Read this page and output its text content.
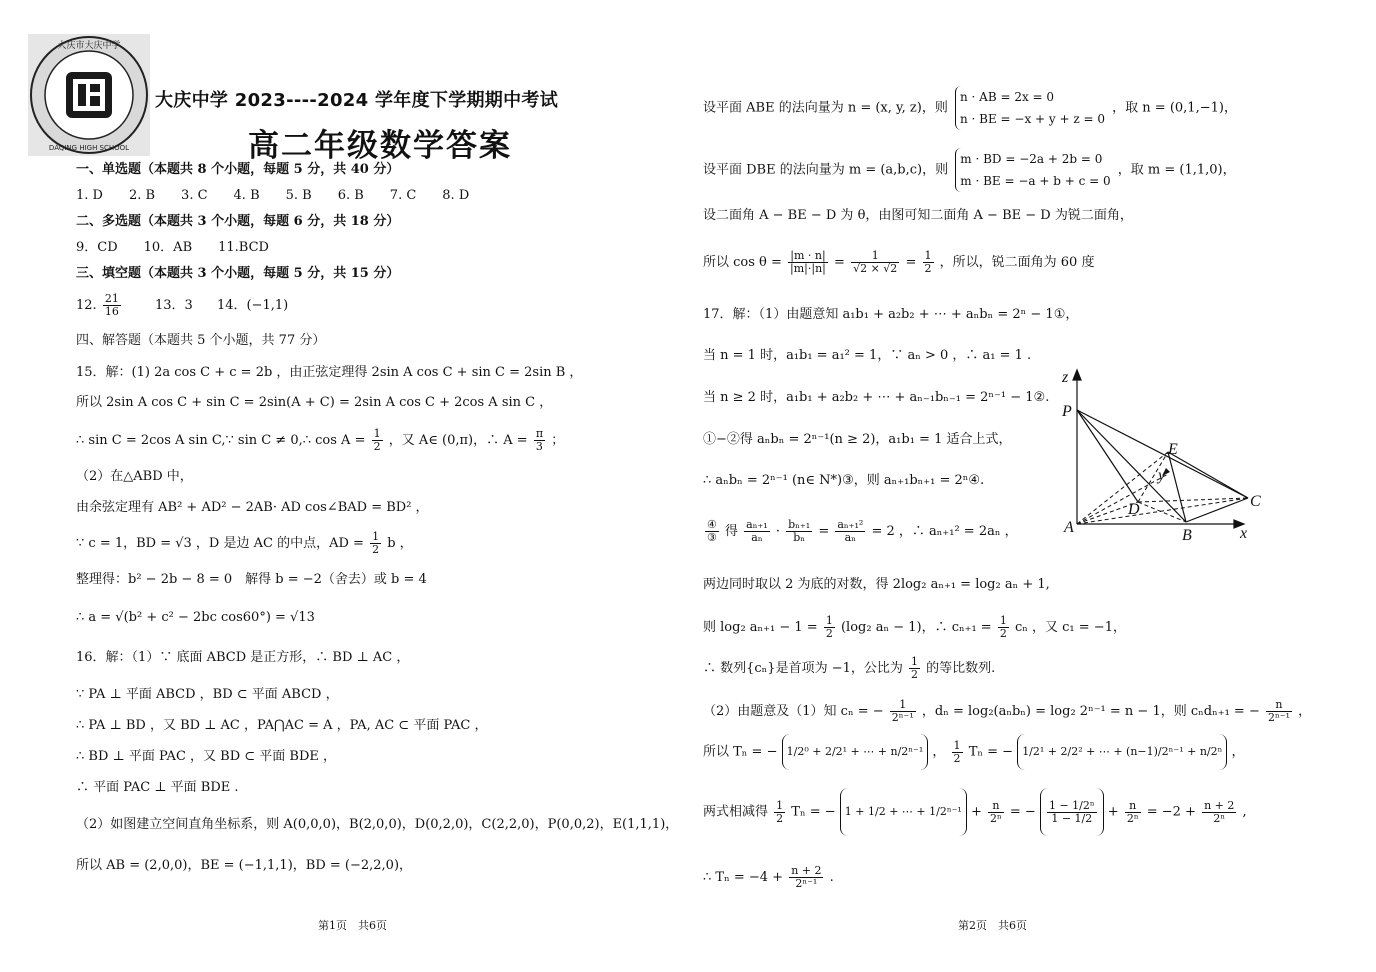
大庆市大庆中学
DAQING HIGH SCHOOL
大庆中学 2023----2024 学年度下学期期中考试
高二年级数学答案
一、单选题（本题共 8 个小题，每题 5 分，共 40 分）
1. D　　2. B　　3. C　　4. B　　5. B　　6. B　　7. C　　8. D
二、多选题（本题共 3 个小题，每题 6 分，共 18 分）
9．CD　　10．AB　　11.BCD
三、填空题（本题共 3 个小题，每题 5 分，共 15 分）
12. $\frac{21}{16}$	13．3 14．(−1,1)
四、解答题（本题共 5 个小题，共 77 分）
15．解：(1) 2a cos C + c = 2b ，由正弦定理得 2sin A cos C + sin C = 2sin B ，
所以 2sin A cos C + sin C = 2sin(A + C) = 2sin A cos C + 2cos A sin C ，
∴ sin C = 2cos A sin C,∵ sin C ≠ 0,∴ $\cos A = \frac{1}{2}$ ，又 A∈ (0,π)，∴ $A = \frac{\pi}{3}$ ；
（2）在△ABD 中，
由余弦定理有 AB² + AD² − 2AB· AD cos∠BAD = BD² ，
∵ c = 1，BD = √3 ，D 是边 AC 的中点，AD = $\frac{1}{2}$ b ，
整理得：b² − 2b − 8 = 0　解得 b = −2（舍去）或 b = 4
∴ a = √(b² + c² − 2bc cos60°) = √13
16．解：（1）∵ 底面 ABCD 是正方形，∴ BD ⊥ AC ，
∵ PA ⊥ 平面 ABCD ，BD ⊂ 平面 ABCD ，
∴ PA ⊥ BD ，又 BD ⊥ AC ，PA⋂AC = A ，PA, AC ⊂ 平面 PAC ，
∴ BD ⊥ 平面 PAC ，又 BD ⊂ 平面 BDE ，
∴ 平面 PAC ⊥ 平面 BDE .
（2）如图建立空间直角坐标系，则 A(0,0,0)，B(2,0,0)，D(0,2,0)，C(2,2,0)，P(0,0,2)，E(1,1,1)，
所以 AB = (2,0,0)，BE = (−1,1,1)，BD = (−2,2,0)，
第1页　共6页
设平面 ABE 的法向量为 n = (x, y, z)，则
n · AB = 2x = 0
n · BE = −x + y + z = 0
，取 n = (0,1,−1)，
设平面 DBE 的法向量为 m = (a,b,c)，则
m · BD = −2a + 2b = 0
m · BE = −a + b + c = 0
，取 m = (1,1,0)，
设二面角 A − BE − D 为 θ，由图可知二面角 A − BE − D 为锐二面角，
所以 $\cos \theta = \frac{|m \cdot n|}{|m|\cdot|n|} = \frac{1}{√2 \times √2} = \frac{1}{2}$ ，所以，锐二面角为 60 度
17．解：（1）由题意知 a₁b₁ + a₂b₂ + ⋯ + aₙbₙ = 2ⁿ − 1①，
当 n = 1 时，a₁b₁ = a₁² = 1，∵ aₙ > 0 ，∴ a₁ = 1 .
当 n ≥ 2 时，a₁b₁ + a₂b₂ + ⋯ + aₙ₋₁bₙ₋₁ = 2ⁿ⁻¹ − 1②.
①−②得 aₙbₙ = 2ⁿ⁻¹(n ≥ 2)，a₁b₁ = 1 适合上式，
∴ aₙbₙ = 2ⁿ⁻¹ (n∈ N*)③，则 aₙ₊₁bₙ₊₁ = 2ⁿ④.
$\frac{\text{④}}{\text{③}}$ 得 $\frac{\text{aₙ₊₁}}{\text{aₙ}} \cdot \frac{\text{bₙ₊₁}}{\text{bₙ}} = \frac{\text{aₙ₊₁²}}{\text{aₙ}} = 2$ ，∴ aₙ₊₁² = 2aₙ ，
两边同时取以 2 为底的对数，得 2log₂ aₙ₊₁ = log₂ aₙ + 1,
则 log₂ $a_{n+1} - 1 = \frac{1}{2} (\log_2$ aₙ − 1)，∴ $c_{n+1} = \frac{1}{2}$ cₙ ，又 c₁ = −1，
∴ 数列{cₙ}是首项为 −1，公比为 $\frac{1}{2}$ 的等比数列.
（2）由题意及（1）知 cₙ = − $\frac{1}{\text{2ⁿ⁻¹}}$ ，dₙ = log₂(aₙbₙ) = log₂ 2ⁿ⁻¹ = n − 1，则 cₙdₙ₊₁ = − $\frac{n}{\text{2ⁿ⁻¹}}$ ，
所以 Tₙ = − 1/2⁰ + 2/2¹ + ⋯ + n/2ⁿ⁻¹ ， $\frac{1}{2}$ Tₙ = − 1/2¹ + 2/2² + ⋯ + (n−1)/2ⁿ⁻¹ + n/2ⁿ ，
两式相减得 $\frac{1}{2}$ Tₙ = − 1 + 1/2 + ⋯ + $1/2^{n-1} + \frac{n}{\text{2ⁿ}}$ = − $\frac{\text{1 − 1/2ⁿ}}{1 - 1/2} + \frac{n}{\text{2ⁿ}} = -2 + \frac{n + 2}{\text{2ⁿ}}$ ,
∴ $T_n = -4 + \frac{n + 2}{\text{2ⁿ⁻¹}}$ .
第2页　共6页
P
E
C
D
A	B	x
y
z
